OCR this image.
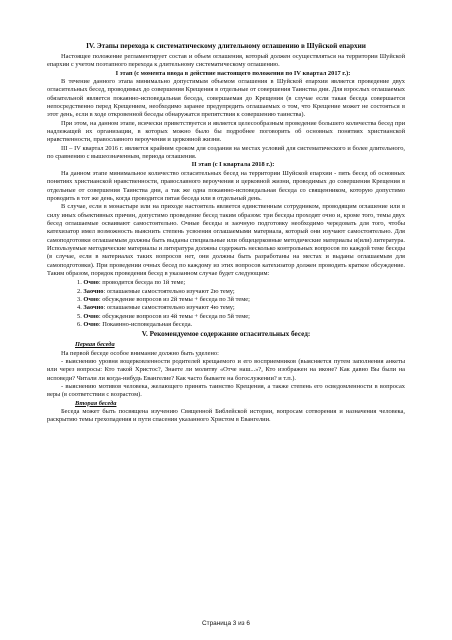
IV. Этапы перехода к систематическому длительному оглашению в Шуйской епархии

Настоящее положение регламентирует состав и объем оглашения, который должен осуществляться на территории Шуйской епархии с учетом поэтапного перехода к длительному систематическому оглашению.

I этап (с момента ввода в действие настоящего положения по IV квартал 2017 г.):

В течение данного этапа минимально допустимым объемом оглашения в Шуйской епархии является проведение двух огласительных бесед, проводимых до совершения Крещения в отдельные от совершения Таинства дни. Для взрослых оглашаемых обязательной является покаянно-исповедальная беседа, совершаемая до Крещения (в случае если такая беседа совершается непосредственно перед Крещением, необходимо заранее предупредить оглашаемых о том, что Крещение может не состояться в этот день, если в ходе откровенной беседы обнаружатся препятствия к совершению таинства).

При этом, на данном этапе, всячески приветствуется и является целесообразным проведение большего количества бесед при надлежащей их организации, в которых можно было бы подробнее поговорить об основных понятиях христианской нравственности, православного вероучения и церковной жизни.

III – IV квартал 2016 г. является крайним сроком для создания на местах условий для систематического и более длительного, по сравнению с вышеозначенным, периода оглашения.

II этап (с I квартала 2018 г.):

На данном этапе минимальное количество огласительных бесед на территории Шуйской епархии - пять бесед об основных понятиях христианской нравственности, православного вероучения и церковной жизни, проводимых до совершения Крещения в отдельные от совершения Таинства дни, а так же одна покаянно-исповедальная беседа со священником, которую допустимо проводить в тот же день, когда проводится пятая беседа или в отдельный день.

В случае, если в монастыре или на приходе настоятель является единственным сотрудником, проводящим оглашение или в силу иных объективных причин, допустимо проведение бесед таким образом: три беседы проходят очно и, кроме того, темы двух бесед оглашаемые осваивают самостоятельно. Очные беседы и заочную подготовку необходимо чередовать для того, чтобы катехизатор имел возможность выяснить степень усвоения оглашаемыми материала, который они изучают самостоятельно. Для самоподготовки оглашаемым должны быть выданы специальные или общецерковные методические материалы и(или) литература. Используемые методические материалы и литература должны содержать несколько контрольных вопросов по каждой теме беседы (в случае, если в материалах таких вопросов нет, они должны быть разработаны на местах и выданы оглашаемым для самоподготовки). При проведении очных бесед по каждому из этих вопросов катехизатор должен проводить краткое обсуждение. Таким образом, порядок проведения бесед в указанном случае будет следующим:

1. Очно: проводится беседа по 1й теме;
2. Заочно: оглашаемые самостоятельно изучают 2ю тему;
3. Очно: обсуждение вопросов из 2й темы + беседа по 3й теме;
4. Заочно: оглашаемые самостоятельно изучают 4ю тему;
5. Очно: обсуждение вопросов из 4й темы + беседа по 5й теме;
6. Очно: Покаянно-исповедальная беседа.
V. Рекомендуемое содержание огласительных бесед:

Первая беседа

На первой беседе особое внимание должно быть уделено:

- выяснению уровня воцерковленности родителей крещаемого и его восприемников (выясняется путем заполнения анкеты или через вопросы: Кто такой Христос?, Знаете ли молитву «Отче наш...»?, Кто изображен на иконе? Как давно Вы были на исповеди? Читали ли когда-нибудь Евангелие? Как часто бываете на богослужении? и т.п.).

- выяснению мотивов человека, желающего принять таинство Крещения, а также степень его осведомленности в вопросах веры (в соответствии с возрастом).

Вторая беседа

Беседа может быть посвящена изучению Священной Библейской истории, вопросам сотворения и назначения человека, раскрытию темы грехопадения и пути спасения указанного Христом в Евангелии.

Страница 3 из 6
